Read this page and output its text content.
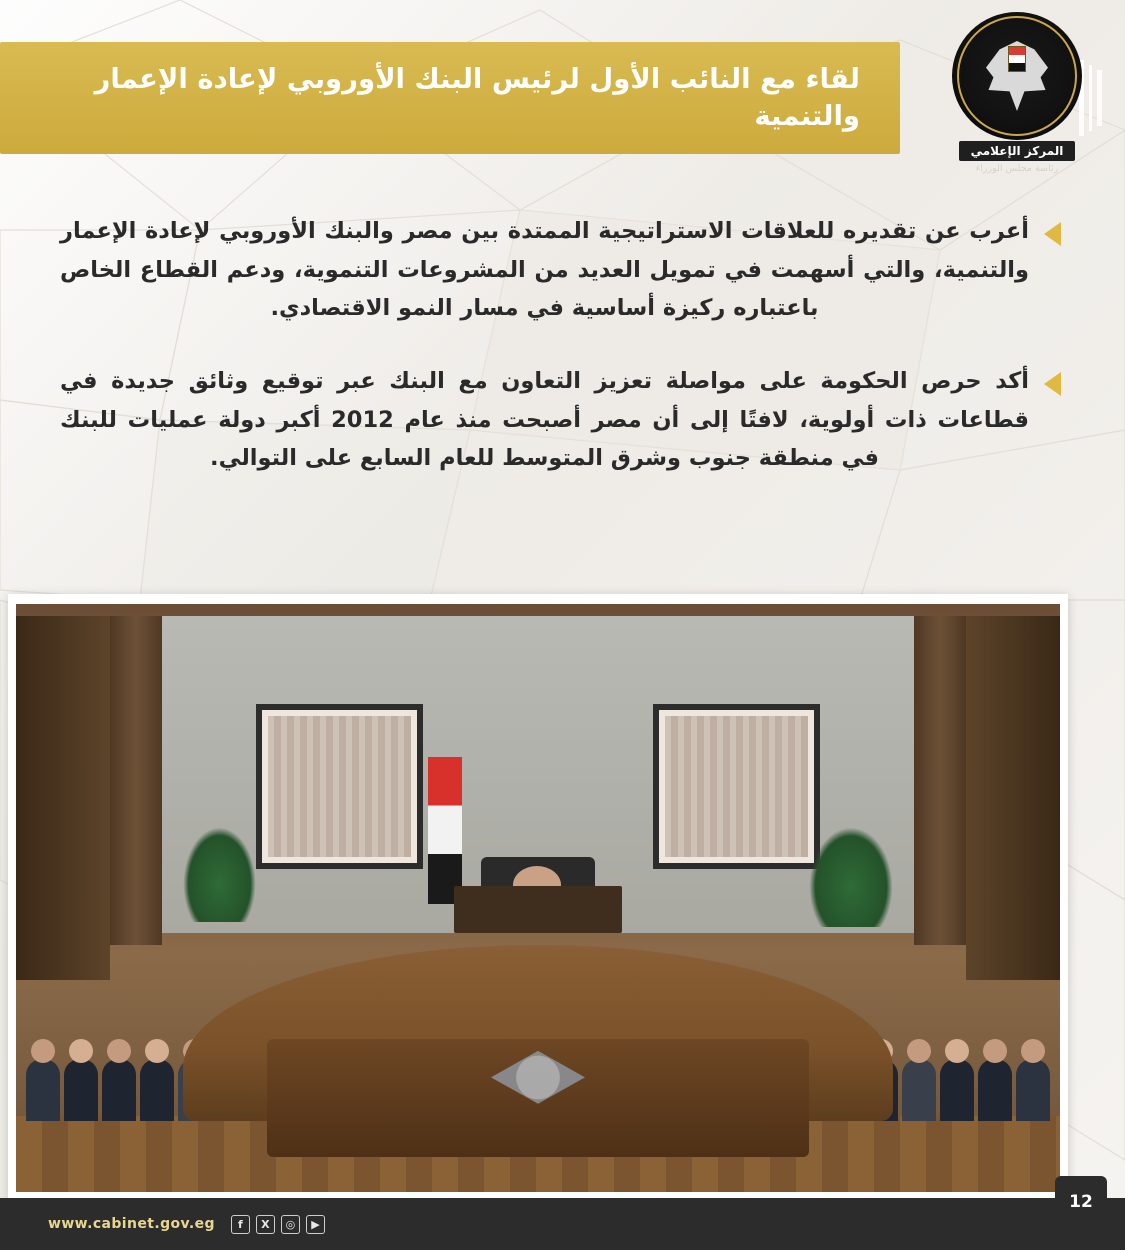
لقاء مع النائب الأول لرئيس البنك الأوروبي لإعادة الإعمار والتنمية
المركز الإعلامي
رئاسة مجلس الوزراء
أعرب عن تقديره للعلاقات الاستراتيجية الممتدة بين مصر والبنك الأوروبي لإعادة الإعمار والتنمية، والتي أسهمت في تمويل العديد من المشروعات التنموية، ودعم القطاع الخاص باعتباره ركيزة أساسية في مسار النمو الاقتصادي.
أكد حرص الحكومة على مواصلة تعزيز التعاون مع البنك عبر توقيع وثائق جديدة في قطاعات ذات أولوية، لافتًا إلى أن مصر أصبحت منذ عام 2012 أكبر دولة عمليات للبنك في منطقة جنوب وشرق المتوسط للعام السابع على التوالي.
www.cabinet.gov.eg	f	X	◎	▶
12
